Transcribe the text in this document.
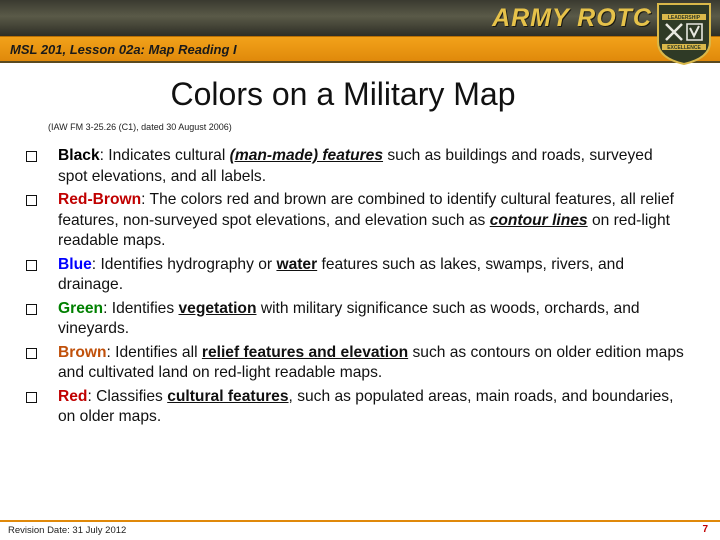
ARMY ROTC
MSL 201, Lesson 02a: Map Reading I
LEADERSHIP
EXCELLENCE
Colors on a Military Map
(IAW FM 3-25.26 (C1), dated 30 August 2006)
Black: Indicates cultural (man-made) features such as buildings and roads, surveyed spot elevations, and all labels.
Red-Brown: The colors red and brown are combined to identify cultural features, all relief features, non-surveyed spot elevations, and elevation such as contour lines on red-light readable maps.
Blue: Identifies hydrography or water features such as lakes, swamps, rivers, and drainage.
Green: Identifies vegetation with military significance such as woods, orchards, and vineyards.
Brown: Identifies all relief features and elevation such as contours on older edition maps and cultivated land on red-light readable maps.
Red: Classifies cultural features, such as populated areas, main roads, and boundaries, on older maps.
Revision Date: 31 July 2012	7
